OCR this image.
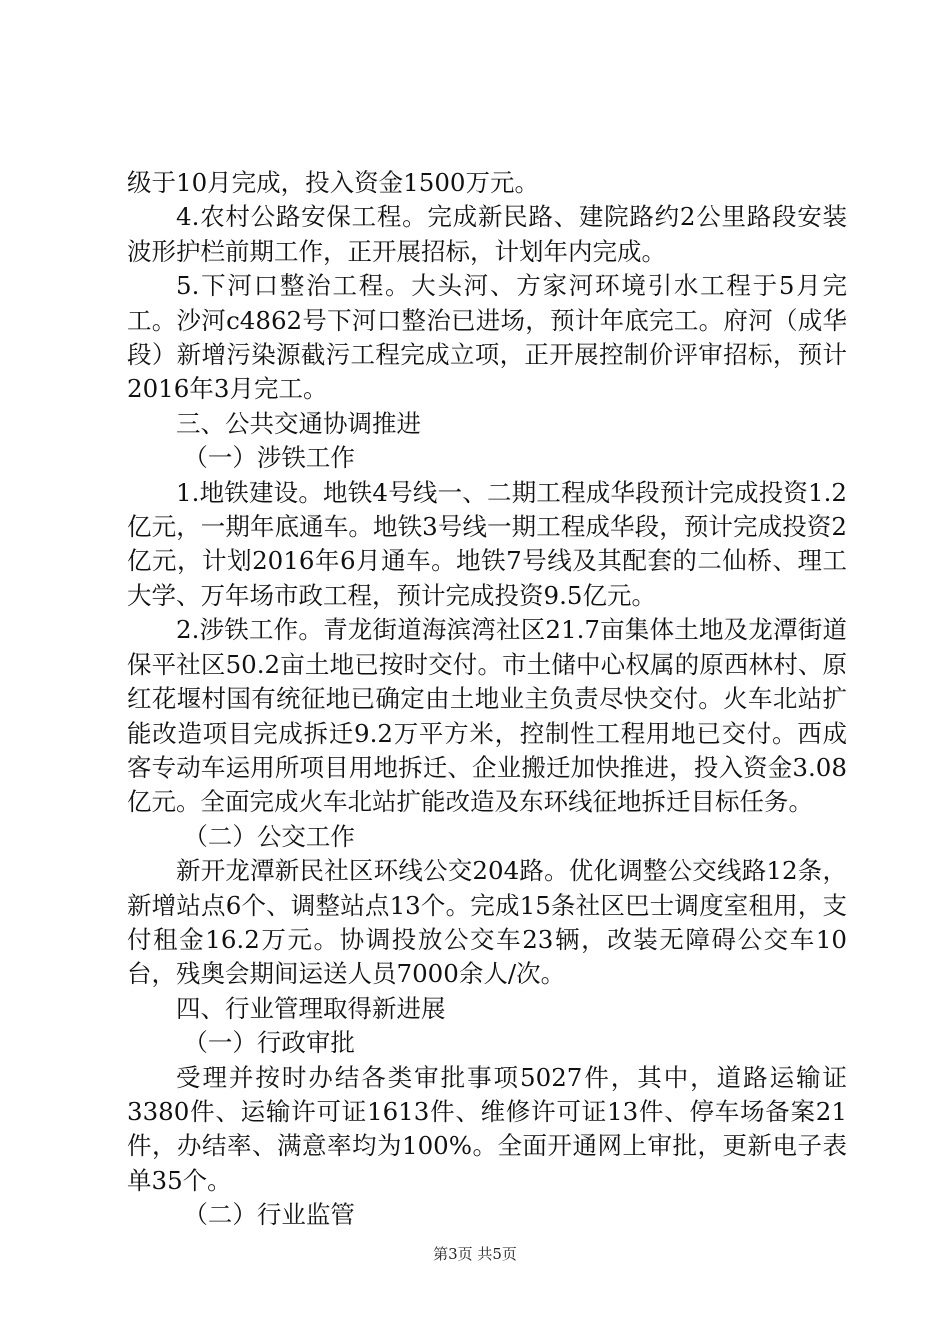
级于10月完成，投入资金1500万元。

4.农村公路安保工程。完成新民路、建院路约2公里路段安装波形护栏前期工作，正开展招标，计划年内完成。

5.下河口整治工程。大头河、方家河环境引水工程于5月完工。沙河c4862号下河口整治已进场，预计年底完工。府河（成华段）新增污染源截污工程完成立项，正开展控制价评审招标，预计2016年3月完工。

三、公共交通协调推进

（一）涉铁工作

1.地铁建设。地铁4号线一、二期工程成华段预计完成投资1.2亿元，一期年底通车。地铁3号线一期工程成华段，预计完成投资2亿元，计划2016年6月通车。地铁7号线及其配套的二仙桥、理工大学、万年场市政工程，预计完成投资9.5亿元。

2.涉铁工作。青龙街道海滨湾社区21.7亩集体土地及龙潭街道保平社区50.2亩土地已按时交付。市土储中心权属的原西林村、原红花堰村国有统征地已确定由土地业主负责尽快交付。火车北站扩能改造项目完成拆迁9.2万平方米，控制性工程用地已交付。西成客专动车运用所项目用地拆迁、企业搬迁加快推进，投入资金3.08亿元。全面完成火车北站扩能改造及东环线征地拆迁目标任务。

（二）公交工作

新开龙潭新民社区环线公交204路。优化调整公交线路12条，新增站点6个、调整站点13个。完成15条社区巴士调度室租用，支付租金16.2万元。协调投放公交车23辆，改装无障碍公交车10台，残奥会期间运送人员7000余人/次。

四、行业管理取得新进展

（一）行政审批

受理并按时办结各类审批事项5027件，其中，道路运输证3380件、运输许可证1613件、维修许可证13件、停车场备案21件，办结率、满意率均为100%。全面开通网上审批，更新电子表单35个。

（二）行业监管

第3页 共5页
